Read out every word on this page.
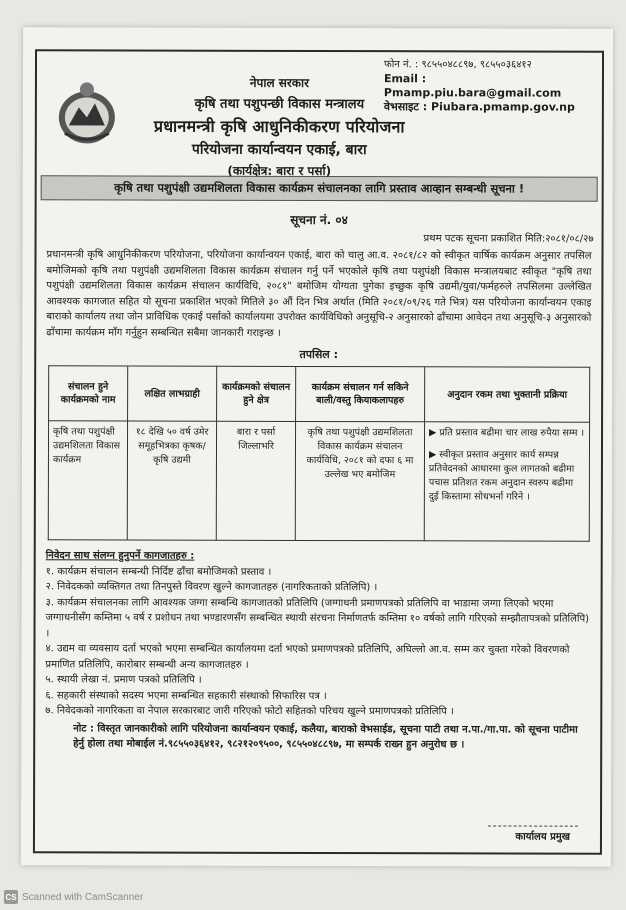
नेपाल सरकार
कृषि तथा पशुपन्छी विकास मन्त्रालय
प्रधानमन्त्री कृषि आधुनिकीकरण परियोजना
परियोजना कार्यान्वयन एकाई, बारा
(कार्यक्षेत्र: बारा र पर्सा)
फोन नं. : ९८५५०४८८९७, ९८५५०३६४१२
Email : Pmamp.piu.bara@gmail.com
वेभसाइट : Piubara.pmamp.gov.np
कृषि तथा पशुपंक्षी उद्यमशिलता विकास कार्यक्रम संचालनका लागि प्रस्ताव आव्हान सम्बन्धी सूचना !
सूचना नं. ०४
प्रथम पटक सूचना प्रकाशित मिति:२०८१/०८/२७
प्रधानमन्त्री कृषि आधुनिकीकरण परियोजना, परियोजना कार्यान्वयन एकाई, बारा को चालु आ.व. २०८१/८२ को स्वीकृत वार्षिक कार्यक्रम अनुसार तपसिल बमोजिमको कृषि तथा पशुपंक्षी उद्यमशिलता विकास कार्यक्रम संचालन गर्नु पर्ने भएकोले कृषि तथा पशुपंक्षी विकास मन्त्रालयबाट स्वीकृत "कृषि तथा पशुपंक्षी उद्यमशिलता विकास कार्यक्रम संचालन कार्यविधि, २०८१" बमोजिम योग्यता पुगेका इच्छुक कृषि उद्यमी/युवा/फर्महरुले तपसिलमा उल्लेखित आवश्यक कागजात सहित यो सूचना प्रकाशित भएको मितिले ३० औं दिन भित्र अर्थात (मिति २०८१/०९/२६ गते भित्र) यस परियोजना कार्यान्वयन एकाइ बाराको कार्यालय तथा जोन प्राविधिक एकाई पर्साको कार्यालयमा उपरोक्त कार्यविधिको अनुसूचि-२ अनुसारको ढाँचामा आवेदन तथा अनुसूचि-३ अनुसारको ढाँचामा कार्यक्रम माँग गर्नुहुन सम्बन्धित सबैमा जानकारी गराइन्छ ।
तपसिल :
संचालन हुने कार्यक्रमको नाम	लक्षित लाभग्राही	कार्यक्रमको संचालन हुने क्षेत्र	कार्यक्रम संचालन गर्न सकिने बाली/वस्तु कियाकलापहरु	अनुदान रकम तथा भुक्तानी प्रक्रिया
कृषि तथा पशुपंक्षी उद्यमशिलता विकास कार्यक्रम	१८ देखि ५० वर्ष उमेर समूहभित्रका कृषक/कृषि उद्यमी	बारा र पर्सा जिल्लाभरि	कृषि तथा पशुपंक्षी उद्यमशिलता विकास कार्यक्रम संचालन कार्यविधि, २०८१ को दफा ६ मा उल्लेख भए बमोजिम	▶ प्रति प्रस्ताव बढीमा चार लाख रुपैया सम्म ।
▶ स्वीकृत प्रस्ताव अनुसार कार्य सम्पन्न प्रतिवेदनको आधारमा कुल लागतको बढीमा पचास प्रतिशत रकम अनुदान स्वरुप बढीमा दुई किस्तामा सोधभर्ना गरिने ।
निवेदन साथ संलग्न हुनुपर्ने कागजातहरु :
१. कार्यक्रम संचालन सम्बन्धी निर्दिष्ट ढाँचा बमोजिमको प्रस्ताव ।
२. निवेदकको व्यक्तिगत तथा तिनपुस्ते विवरण खुल्ने कागजातहरु (नागरिकताको प्रतिलिपि) ।
३. कार्यक्रम संचालनका लागि आवश्यक जग्गा सम्बन्धि कागजातको प्रतिलिपि (जग्गाधनी प्रमाणपत्रको प्रतिलिपि वा भाडामा जग्गा लिएको भएमा जग्गाधनीसँग कम्तिमा ५ वर्ष र प्रशोधन तथा भण्डारणसँग सम्बन्धित स्थायी संरचना निर्माणतर्फ कम्तिमा १० वर्षको लागि गरिएको सम्झौतापत्रको प्रतिलिपि) ।
४. उद्यम वा व्यवसाय दर्ता भएको भएमा सम्बन्धित कार्यालयमा दर्ता भएको प्रमाणपत्रको प्रतिलिपि, अघिल्लो आ.व. सम्म कर चुक्ता गरेको विवरणको प्रमाणित प्रतिलिपि, कारोबार सम्बन्धी अन्य कागजातहरु ।
५. स्थायी लेखा नं. प्रमाण पत्रको प्रतिलिपि ।
६. सहकारी संस्थाको सदस्य भएमा सम्बन्धित सहकारी संस्थाको सिफारिस पत्र ।
७. निवेदकको नागरिकता वा नेपाल सरकारबाट जारी गरिएको फोटो सहितको परिचय खुल्ने प्रमाणपत्रको प्रतिलिपि ।
नोट : विस्तृत जानकारीको लागि परियोजना कार्यान्वयन एकाई, कलैया, बाराको वेभसाईड, सूचना पाटी तथा न.पा./गा.पा. को सूचना पाटीमा हेर्नु होला तथा मोबाईल नं.९८५५०३६४१२, ९८२१२०९५००, ९८५५०४८८९७, मा सम्पर्क राख्न हुन अनुरोध छ ।
कार्यालय प्रमुख
CS Scanned with CamScanner
